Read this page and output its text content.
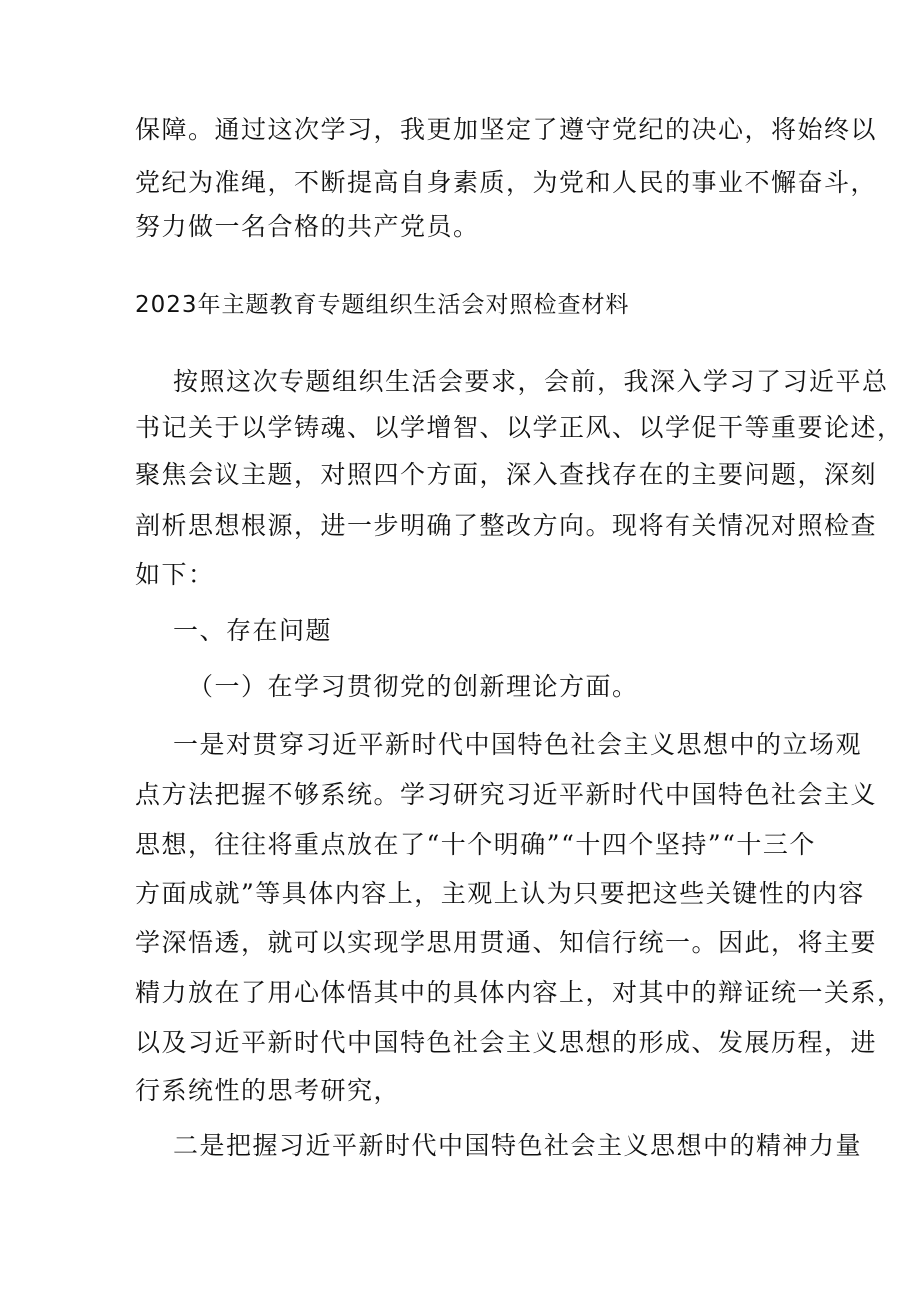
保障。通过这次学习，我更加坚定了遵守党纪的决心，将始终以
党纪为准绳，不断提高自身素质，为党和人民的事业不懈奋斗，
努力做一名合格的共产党员。
2023年主题教育专题组织生活会对照检查材料
按照这次专题组织生活会要求，会前，我深入学习了习近平总
书记关于以学铸魂、以学增智、以学正风、以学促干等重要论述，
聚焦会议主题，对照四个方面，深入查找存在的主要问题，深刻
剖析思想根源，进一步明确了整改方向。现将有关情况对照检查
如下：
一、存在问题
（一）在学习贯彻党的创新理论方面。
一是对贯穿习近平新时代中国特色社会主义思想中的立场观
点方法把握不够系统。学习研究习近平新时代中国特色社会主义
思想，往往将重点放在了“十个明确”“十四个坚持”“十三个
方面成就”等具体内容上，主观上认为只要把这些关键性的内容
学深悟透，就可以实现学思用贯通、知信行统一。因此，将主要
精力放在了用心体悟其中的具体内容上，对其中的辩证统一关系，
以及习近平新时代中国特色社会主义思想的形成、发展历程，进
行系统性的思考研究，
二是把握习近平新时代中国特色社会主义思想中的精神力量
